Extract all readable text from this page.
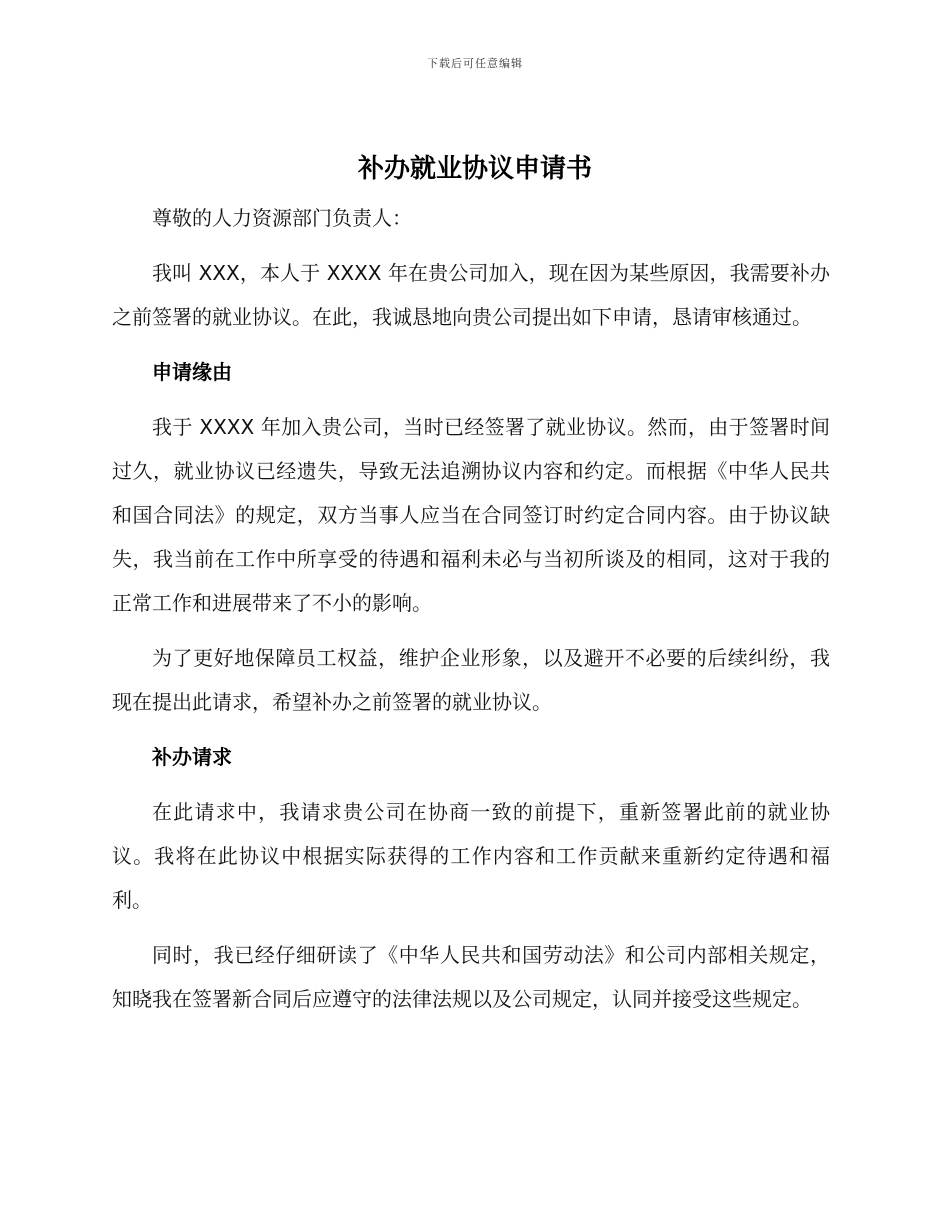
下载后可任意编辑
补办就业协议申请书

尊敬的人力资源部门负责人：

我叫 XXX，本人于 XXXX 年在贵公司加入，现在因为某些原因，我需要补办之前签署的就业协议。在此，我诚恳地向贵公司提出如下申请，恳请审核通过。

申请缘由

我于 XXXX 年加入贵公司，当时已经签署了就业协议。然而，由于签署时间过久，就业协议已经遗失，导致无法追溯协议内容和约定。而根据《中华人民共和国合同法》的规定，双方当事人应当在合同签订时约定合同内容。由于协议缺失，我当前在工作中所享受的待遇和福利未必与当初所谈及的相同，这对于我的正常工作和进展带来了不小的影响。

为了更好地保障员工权益，维护企业形象，以及避开不必要的后续纠纷，我现在提出此请求，希望补办之前签署的就业协议。

补办请求

在此请求中，我请求贵公司在协商一致的前提下，重新签署此前的就业协议。我将在此协议中根据实际获得的工作内容和工作贡献来重新约定待遇和福利。

同时，我已经仔细研读了《中华人民共和国劳动法》和公司内部相关规定，知晓我在签署新合同后应遵守的法律法规以及公司规定，认同并接受这些规定。
